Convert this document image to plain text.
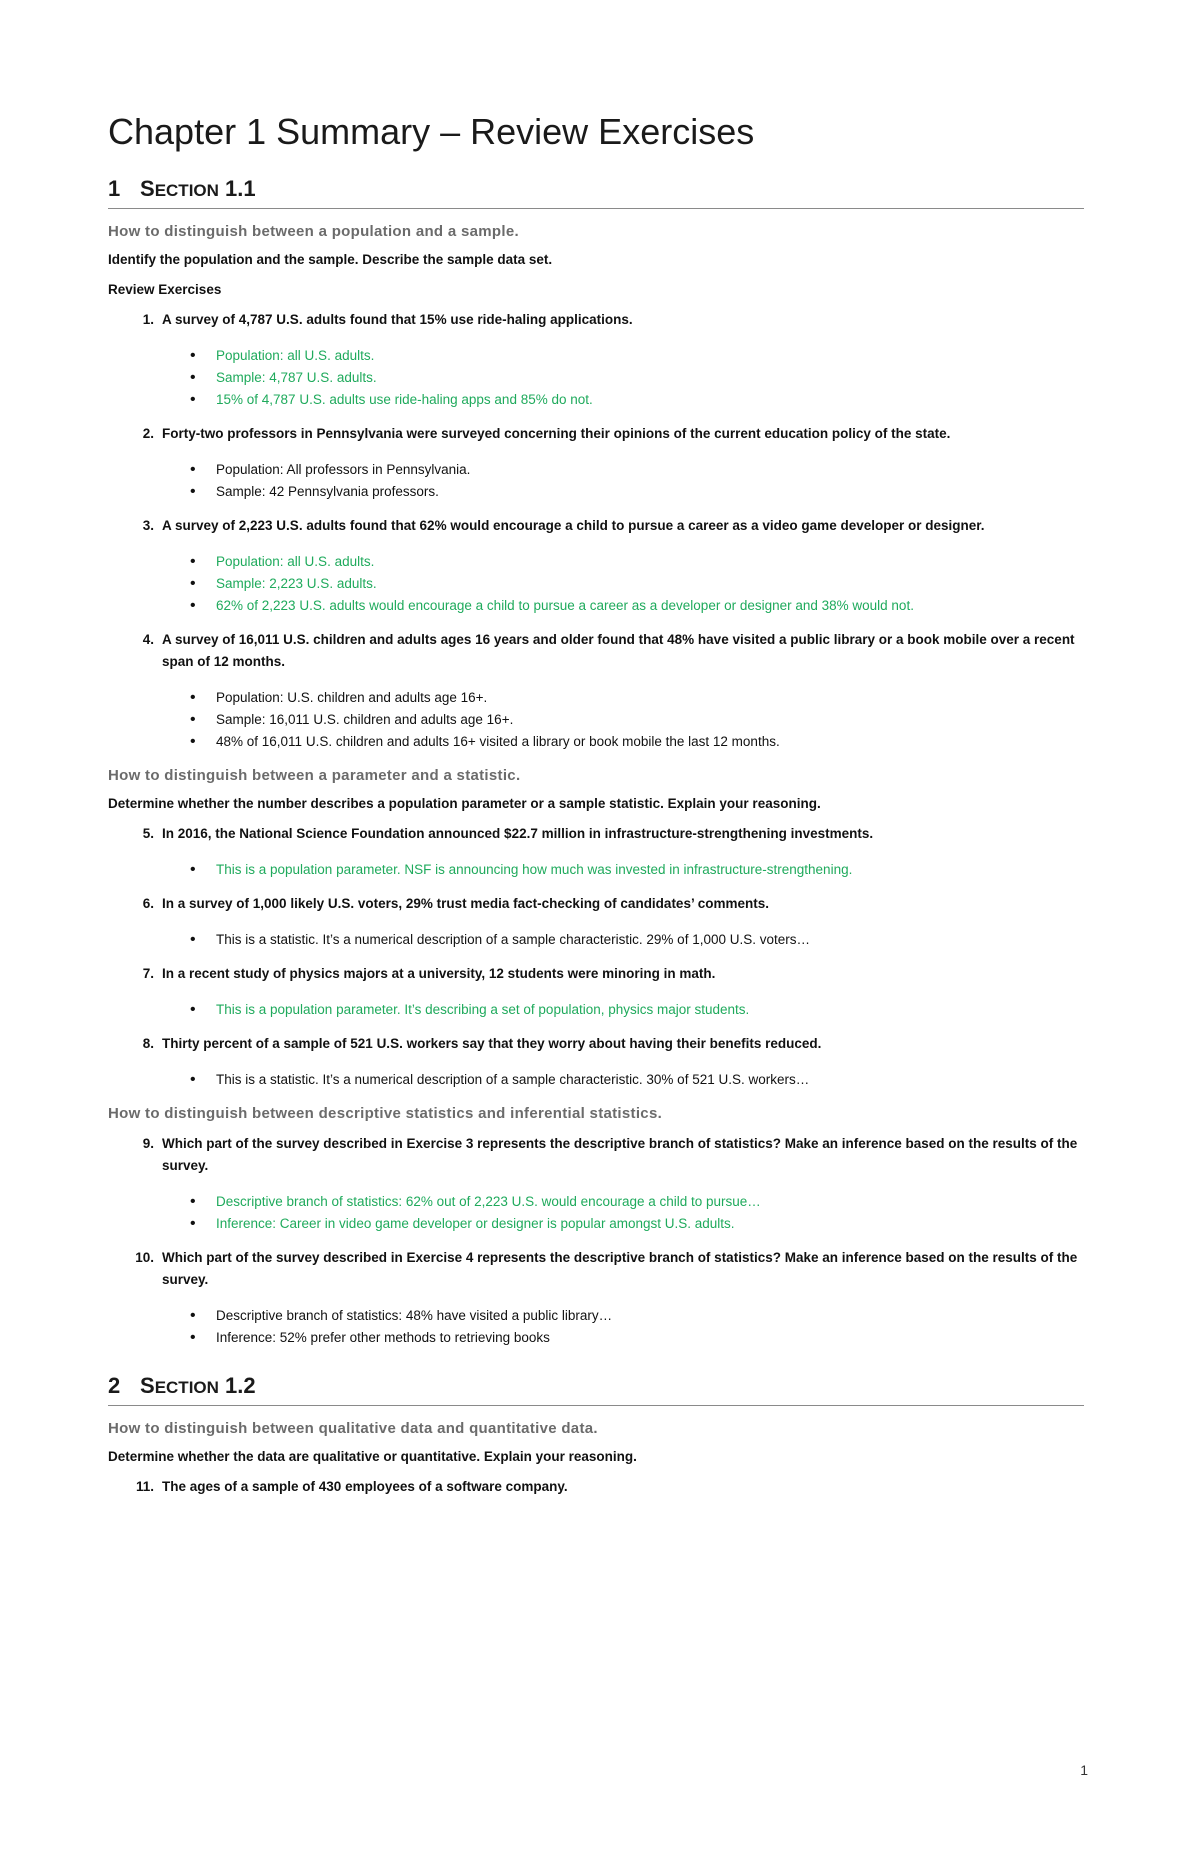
Chapter 1 Summary – Review Exercises
1 SECTION 1.1
How to distinguish between a population and a sample.
Identify the population and the sample. Describe the sample data set.
Review Exercises
1. A survey of 4,787 U.S. adults found that 15% use ride-haling applications.
• Population: all U.S. adults.
• Sample: 4,787 U.S. adults.
• 15% of 4,787 U.S. adults use ride-haling apps and 85% do not.
2. Forty-two professors in Pennsylvania were surveyed concerning their opinions of the current education policy of the state.
• Population: All professors in Pennsylvania.
• Sample: 42 Pennsylvania professors.
3. A survey of 2,223 U.S. adults found that 62% would encourage a child to pursue a career as a video game developer or designer.
• Population: all U.S. adults.
• Sample: 2,223 U.S. adults.
• 62% of 2,223 U.S. adults would encourage a child to pursue a career as a developer or designer and 38% would not.
4. A survey of 16,011 U.S. children and adults ages 16 years and older found that 48% have visited a public library or a book mobile over a recent span of 12 months.
• Population: U.S. children and adults age 16+.
• Sample: 16,011 U.S. children and adults age 16+.
• 48% of 16,011 U.S. children and adults 16+ visited a library or book mobile the last 12 months.
How to distinguish between a parameter and a statistic.
Determine whether the number describes a population parameter or a sample statistic. Explain your reasoning.
5. In 2016, the National Science Foundation announced $22.7 million in infrastructure-strengthening investments.
• This is a population parameter. NSF is announcing how much was invested in infrastructure-strengthening.
6. In a survey of 1,000 likely U.S. voters, 29% trust media fact-checking of candidates’ comments.
• This is a statistic. It’s a numerical description of a sample characteristic. 29% of 1,000 U.S. voters…
7. In a recent study of physics majors at a university, 12 students were minoring in math.
• This is a population parameter. It’s describing a set of population, physics major students.
8. Thirty percent of a sample of 521 U.S. workers say that they worry about having their benefits reduced.
• This is a statistic. It’s a numerical description of a sample characteristic. 30% of 521 U.S. workers…
How to distinguish between descriptive statistics and inferential statistics.
9. Which part of the survey described in Exercise 3 represents the descriptive branch of statistics? Make an inference based on the results of the survey.
• Descriptive branch of statistics: 62% out of 2,223 U.S. would encourage a child to pursue…
• Inference: Career in video game developer or designer is popular amongst U.S. adults.
10. Which part of the survey described in Exercise 4 represents the descriptive branch of statistics? Make an inference based on the results of the survey.
• Descriptive branch of statistics: 48% have visited a public library…
• Inference: 52% prefer other methods to retrieving books
2 SECTION 1.2
How to distinguish between qualitative data and quantitative data.
Determine whether the data are qualitative or quantitative. Explain your reasoning.
11. The ages of a sample of 430 employees of a software company.
1
